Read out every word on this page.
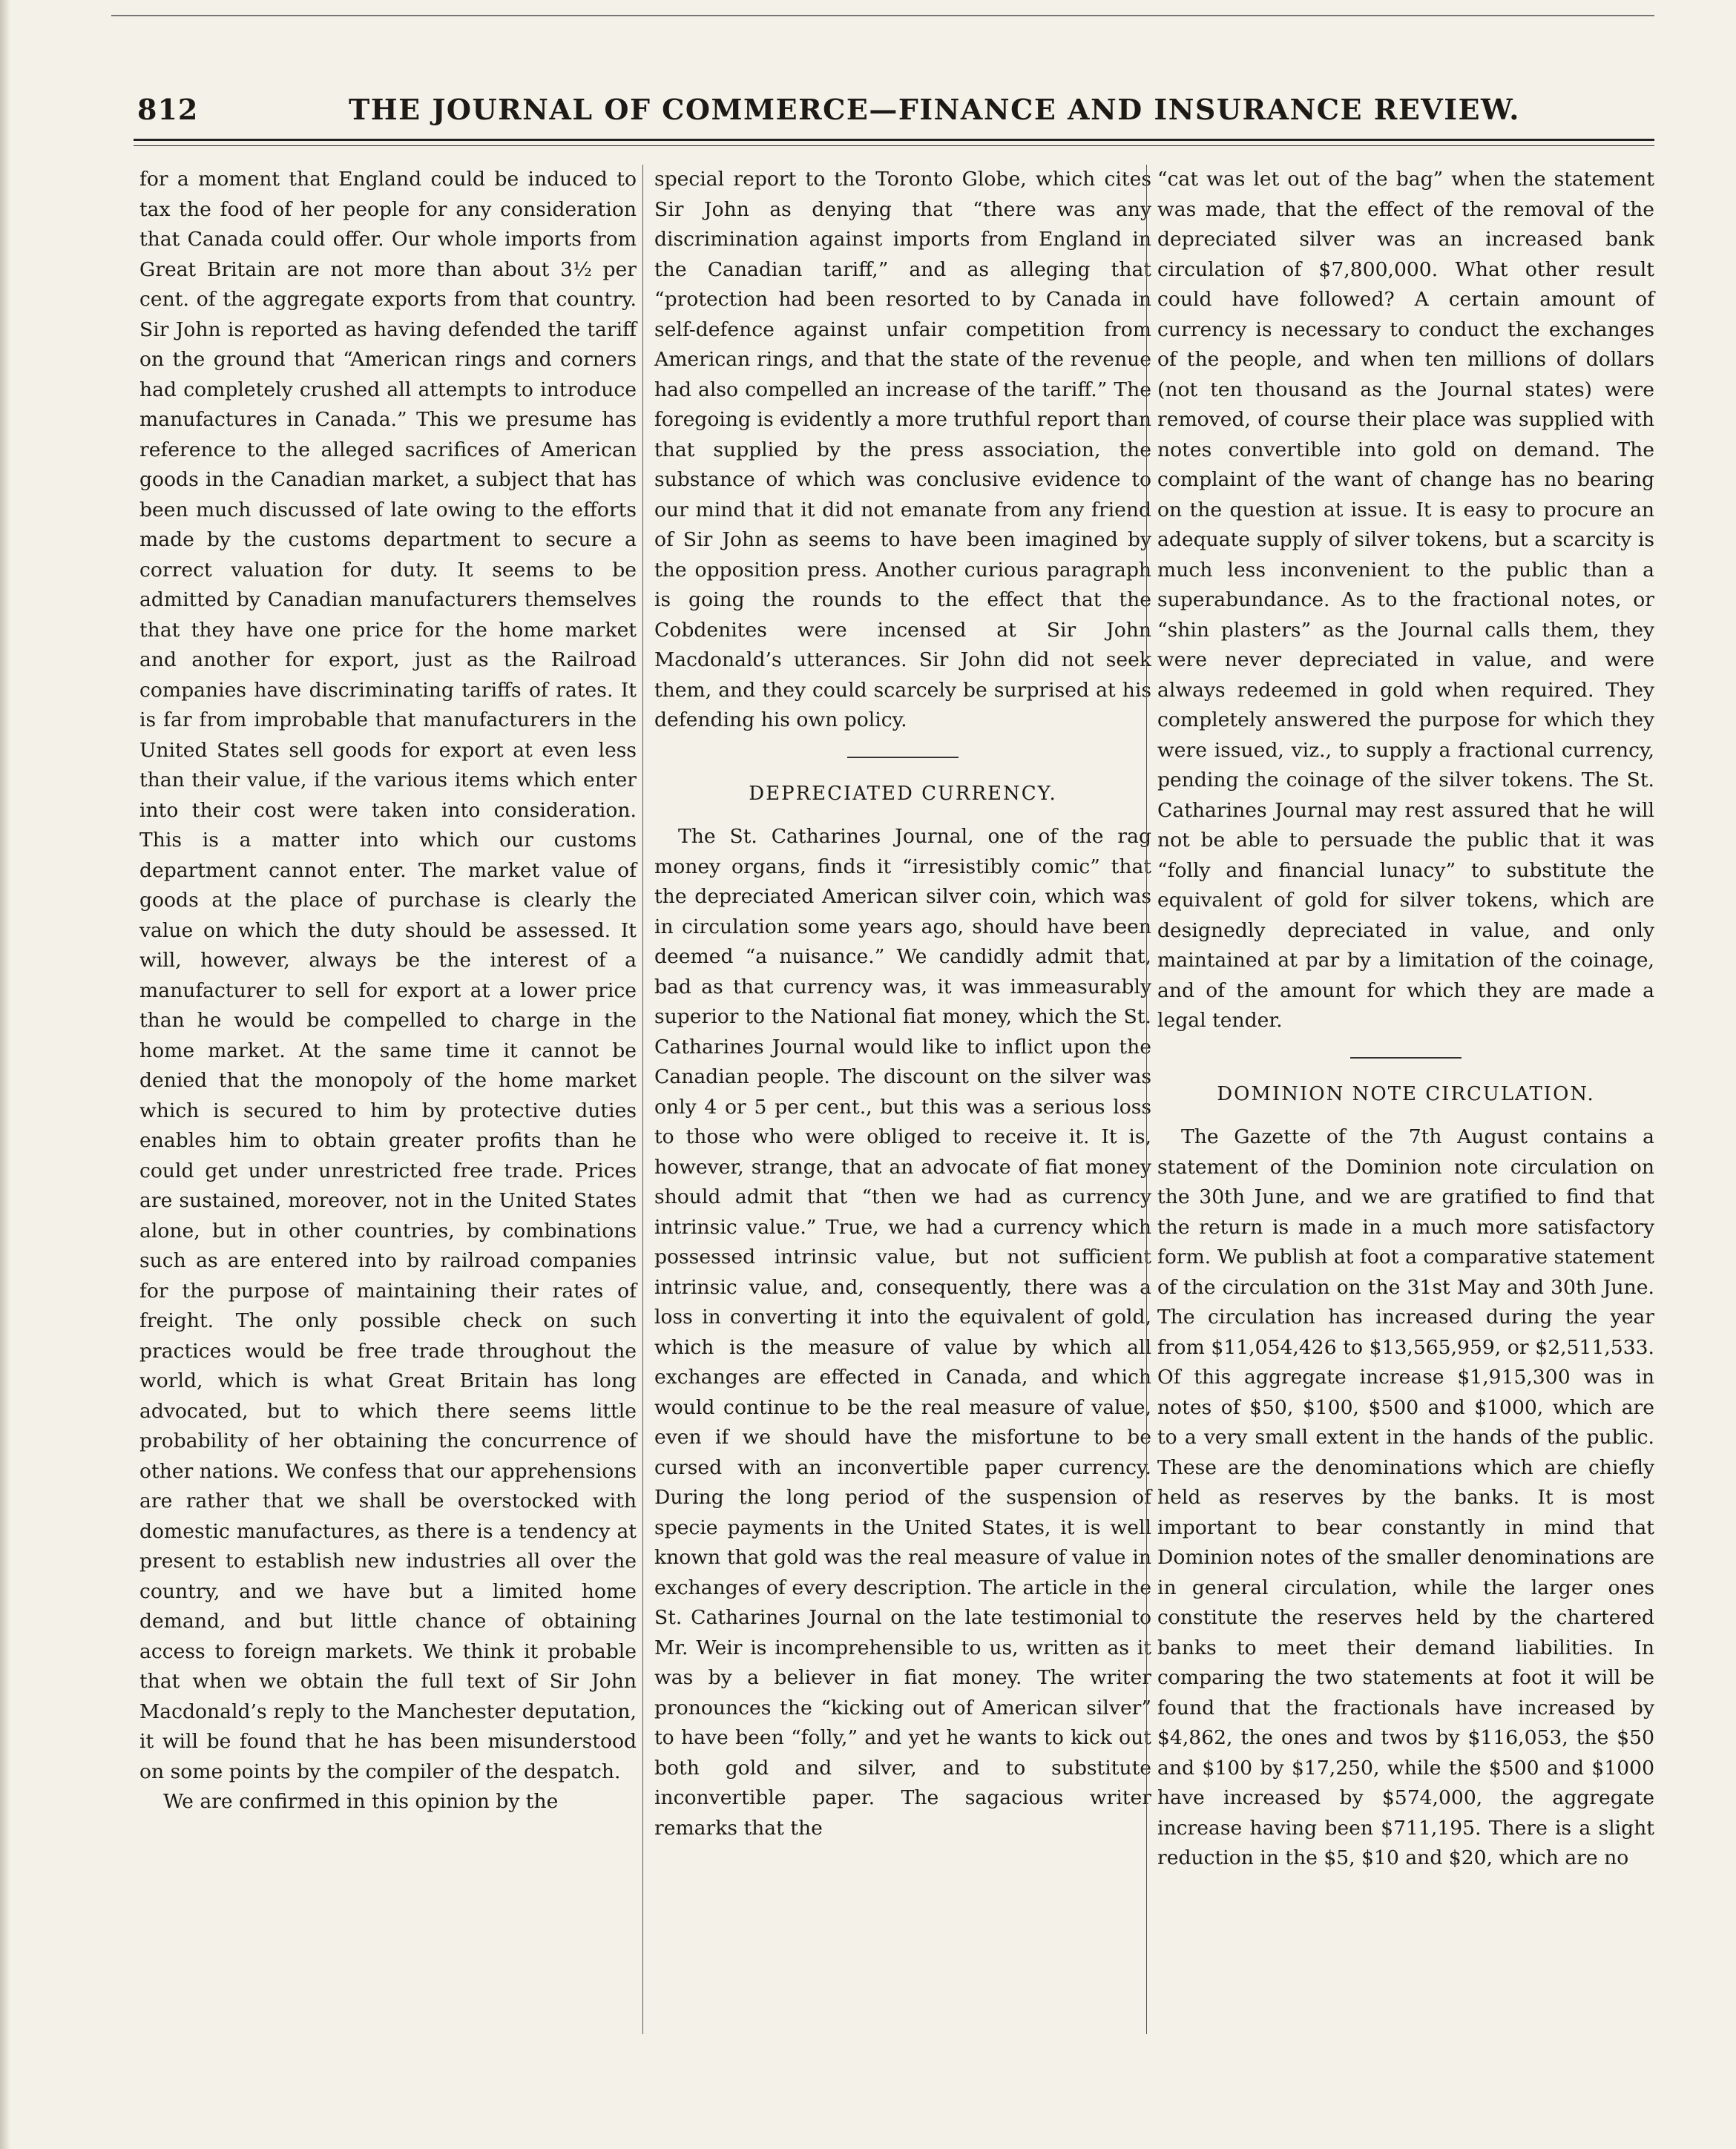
812	THE JOURNAL OF COMMERCE—FINANCE AND INSURANCE REVIEW.

for a moment that England could be induced to tax the food of her people for any consideration that Canada could offer. Our whole imports from Great Britain are not more than about 3½ per cent. of the aggregate exports from that country. Sir John is reported as having defended the tariff on the ground that “American rings and corners had completely crushed all attempts to introduce manufactures in Canada.” This we presume has reference to the alleged sacrifices of American goods in the Canadian market, a subject that has been much discussed of late owing to the efforts made by the customs department to secure a correct valuation for duty. It seems to be admitted by Canadian manufacturers themselves that they have one price for the home market and another for export, just as the Railroad companies have discriminating tariffs of rates. It is far from improbable that manufacturers in the United States sell goods for export at even less than their value, if the various items which enter into their cost were taken into consideration. This is a matter into which our customs department cannot enter. The market value of goods at the place of purchase is clearly the value on which the duty should be assessed. It will, however, always be the interest of a manufacturer to sell for export at a lower price than he would be compelled to charge in the home market. At the same time it cannot be denied that the monopoly of the home market which is secured to him by protective duties enables him to obtain greater profits than he could get under unrestricted free trade. Prices are sustained, moreover, not in the United States alone, but in other countries, by combinations such as are entered into by railroad companies for the purpose of maintaining their rates of freight. The only possible check on such practices would be free trade throughout the world, which is what Great Britain has long advocated, but to which there seems little probability of her obtaining the concurrence of other nations. We confess that our apprehensions are rather that we shall be overstocked with domestic manufactures, as there is a tendency at present to establish new industries all over the country, and we have but a limited home demand, and but little chance of obtaining access to foreign markets. We think it probable that when we obtain the full text of Sir John Macdonald’s reply to the Manchester deputation, it will be found that he has been misunderstood on some points by the compiler of the despatch.

We are confirmed in this opinion by the

special report to the Toronto Globe, which cites Sir John as denying that “there was any discrimination against imports from England in the Canadian tariff,” and as alleging that “protection had been resorted to by Canada in self-defence against unfair competition from American rings, and that the state of the revenue had also compelled an increase of the tariff.” The foregoing is evidently a more truthful report than that supplied by the press association, the substance of which was conclusive evidence to our mind that it did not emanate from any friend of Sir John as seems to have been imagined by the opposition press. Another curious paragraph is going the rounds to the effect that the Cobdenites were incensed at Sir John Macdonald’s utterances. Sir John did not seek them, and they could scarcely be surprised at his defending his own policy.

DEPRECIATED CURRENCY.

The St. Catharines Journal, one of the rag money organs, finds it “irresistibly comic” that the depreciated American silver coin, which was in circulation some years ago, should have been deemed “a nuisance.” We candidly admit that, bad as that currency was, it was immeasurably superior to the National fiat money, which the St. Catharines Journal would like to inflict upon the Canadian people. The discount on the silver was only 4 or 5 per cent., but this was a serious loss to those who were obliged to receive it. It is, however, strange, that an advocate of fiat money should admit that “then we had as currency intrinsic value.” True, we had a currency which possessed intrinsic value, but not sufficient intrinsic value, and, consequently, there was a loss in converting it into the equivalent of gold, which is the measure of value by which all exchanges are effected in Canada, and which would continue to be the real measure of value, even if we should have the misfortune to be cursed with an inconvertible paper currency. During the long period of the suspension of specie payments in the United States, it is well known that gold was the real measure of value in exchanges of every description. The article in the St. Catharines Journal on the late testimonial to Mr. Weir is incomprehensible to us, written as it was by a believer in fiat money. The writer pronounces the “kicking out of American silver” to have been “folly,” and yet he wants to kick out both gold and silver, and to substitute inconvertible paper. The sagacious writer remarks that the

“cat was let out of the bag” when the statement was made, that the effect of the removal of the depreciated silver was an increased bank circulation of $7,800,000. What other result could have followed? A certain amount of currency is necessary to conduct the exchanges of the people, and when ten millions of dollars (not ten thousand as the Journal states) were removed, of course their place was supplied with notes convertible into gold on demand. The complaint of the want of change has no bearing on the question at issue. It is easy to procure an adequate supply of silver tokens, but a scarcity is much less inconvenient to the public than a superabundance. As to the fractional notes, or “shin plasters” as the Journal calls them, they were never depreciated in value, and were always redeemed in gold when required. They completely answered the purpose for which they were issued, viz., to supply a fractional currency, pending the coinage of the silver tokens. The St. Catharines Journal may rest assured that he will not be able to persuade the public that it was “folly and financial lunacy” to substitute the equivalent of gold for silver tokens, which are designedly depreciated in value, and only maintained at par by a limitation of the coinage, and of the amount for which they are made a legal tender.

DOMINION NOTE CIRCULATION.

The Gazette of the 7th August contains a statement of the Dominion note circulation on the 30th June, and we are gratified to find that the return is made in a much more satisfactory form. We publish at foot a comparative statement of the circulation on the 31st May and 30th June. The circulation has increased during the year from $11,054,426 to $13,565,959, or $2,511,533. Of this aggregate increase $1,915,300 was in notes of $50, $100, $500 and $1000, which are to a very small extent in the hands of the public. These are the denominations which are chiefly held as reserves by the banks. It is most important to bear constantly in mind that Dominion notes of the smaller denominations are in general circulation, while the larger ones constitute the reserves held by the chartered banks to meet their demand liabilities. In comparing the two statements at foot it will be found that the fractionals have increased by $4,862, the ones and twos by $116,053, the $50 and $100 by $17,250, while the $500 and $1000 have increased by $574,000, the aggregate increase having been $711,195. There is a slight reduction in the $5, $10 and $20, which are no
